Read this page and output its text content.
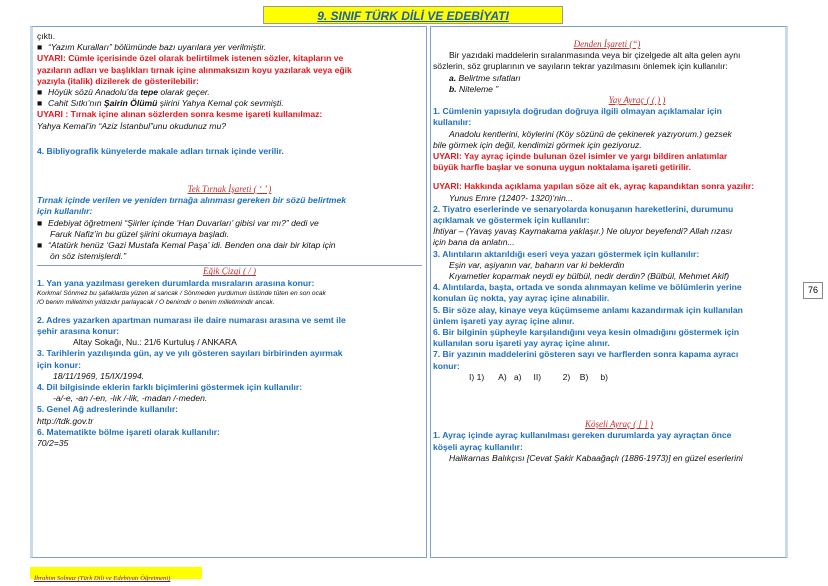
9. SINIF TÜRK DİLİ VE EDEBİYATI
çıktı.
■ “Yazım Kuralları” bölümünde bazı uyarılara yer verilmiştir.
UYARI: Cümle içerisinde özel olarak belirtilmek istenen sözler, kitapların ve
yazıların adları ve başlıkları tırnak içine alınmaksızın koyu yazılarak veya eğik
yazıyla (italik) dizilerek de gösterilebilir:
■ Höyük sözü Anadolu’da tepe olarak geçer.
■ Cahit Sıtkı’nın Şairin Ölümü şiirini Yahya Kemal çok sevmişti.
UYARI : Tırnak içine alınan sözlerden sonra kesme işareti kullanılmaz:
Yahya Kemal’in “Aziz İstanbul”unu okudunuz mu?
4. Bibliyografik künyelerde makale adları tırnak içinde verilir.
Tek Tırnak İşareti ( ‘ ’ )
Tırnak içinde verilen ve yeniden tırnağa alınması gereken bir sözü belirtmek
için kullanılır:
■ Edebiyat öğretmeni “Şiirler içinde ‘Han Duvarları’ gibisi var mı?” dedi ve
Faruk Nafiz’in bu güzel şiirini okumaya başladı.
■ “Atatürk henüz ‘Gazi Mustafa Kemal Paşa’ idi. Benden ona dair bir kitap için
ön söz istemişlerdi.”
Eğik Çizgi ( / )
1. Yan yana yazılması gereken durumlarda mısraların arasına konur:
Korkma! Sönmez bu şafaklarda yüzen al sancak / Sönmeden yurdumun üstünde tüten en son ocak
/O benim milletimin yıldızıdır parlayacak / O benimdir o benim milletimindir ancak.
2. Adres yazarken apartman numarası ile daire numarası arasına ve semt ile
şehir arasına konur:
Altay Sokağı, Nu.: 21/6 Kurtuluş / ANKARA
3. Tarihlerin yazılışında gün, ay ve yılı gösteren sayıları birbirinden ayırmak
için konur:
18/11/1969, 15/IX/1994.
4. Dil bilgisinde eklerin farklı biçimlerini göstermek için kullanılır:
-a/-e, -an /-en, -lık /-lik, -madan /-meden.
5. Genel Ağ adreslerinde kullanılır:
http://tdk.gov.tr
6. Matematikte bölme işareti olarak kullanılır:
70/2=35
Denden İşareti (“)
Bir yazıdaki maddelerin sıralanmasında veya bir çizelgede alt alta gelen aynı
sözlerin, söz gruplarının ve sayıların tekrar yazılmasını önlemek için kullanılır:
a. Belirtme sıfatları
b. Niteleme ”
Yay Ayraç ( ( ) )
1. Cümlenin yapısıyla doğrudan doğruya ilgili olmayan açıklamalar için
kullanılır:
Anadolu kentlerini, köylerini (Köy sözünü de çekinerek yazıyorum.) gezsek
bile görmek için değil, kendimizi görmek için geziyoruz.
UYARI: Yay ayraç içinde bulunan özel isimler ve yargı bildiren anlatımlar
büyük harfle başlar ve sonuna uygun noktalama işareti getirilir.
UYARI: Hakkında açıklama yapılan söze ait ek, ayraç kapandıktan sonra yazılır:
Yunus Emre (1240?- 1320)’nin...
2. Tiyatro eserlerinde ve senaryolarda konuşanın hareketlerini, durumunu
açıklamak ve göstermek için kullanılır:
İhtiyar – (Yavaş yavaş Kaymakama yaklaşır.) Ne oluyor beyefendi? Allah rızası
için bana da anlatın...
3. Alıntıların aktarıldığı eseri veya yazarı göstermek için kullanılır:
Eşin var, aşiyanın var, baharın var ki beklerdin
Kıyametler koparmak neydi ey bülbül, nedir derdin? (Bülbül, Mehmet Akif)
4. Alıntılarda, başta, ortada ve sonda alınmayan kelime ve bölümlerin yerine
konulan üç nokta, yay ayraç içine alınabilir.
5. Bir söze alay, kinaye veya küçümseme anlamı kazandırmak için kullanılan
ünlem işareti yay ayraç içine alınır.
6. Bir bilginin şüpheyle karşılandığını veya kesin olmadığını göstermek için
kullanılan soru işareti yay ayraç içine alınır.
7. Bir yazının maddelerini gösteren sayı ve harflerden sonra kapama ayracı
konur:
I) 1)      A)   a)     II)         2)    B)     b)
Köşeli Ayraç ( [ ] )
1. Ayraç içinde ayraç kullanılması gereken durumlarda yay ayraçtan önce
köşeli ayraç kullanılır:
Halikarnas Balıkçısı [Cevat Şakir Kabaağaçlı (1886-1973)] en güzel eserlerini
76
İbrahim Solmaz (Türk Dili ve Edebiyatı Öğretmeni)
